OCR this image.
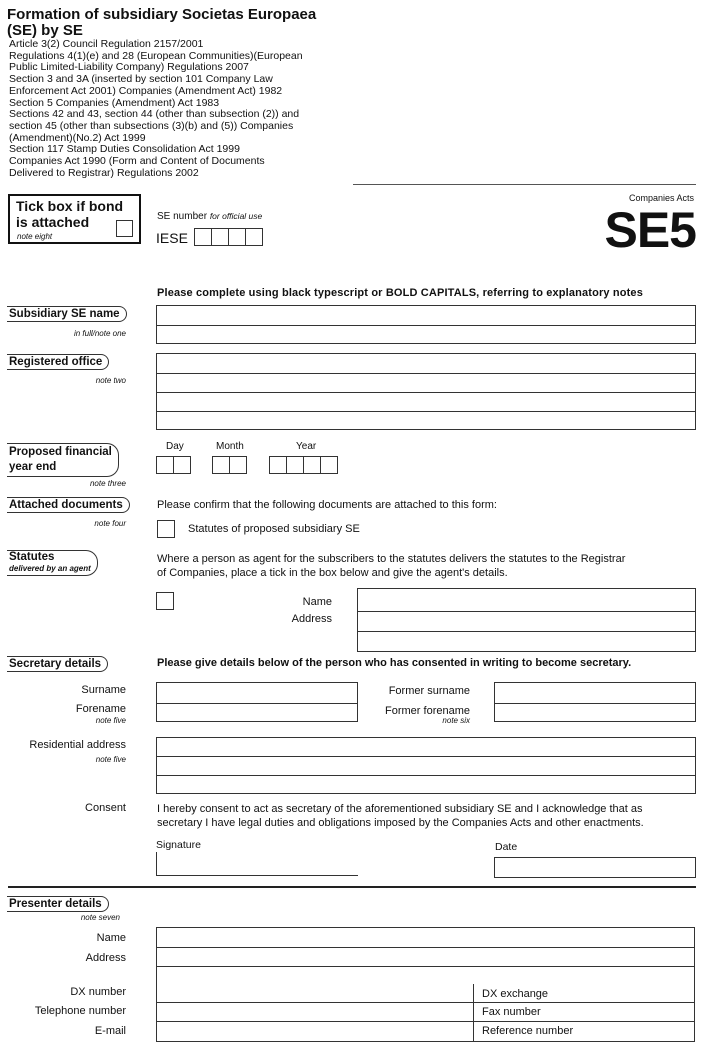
Formation of subsidiary Societas Europaea
(SE) by SE
Article 3(2) Council Regulation 2157/2001
Regulations 4(1)(e) and 28 (European Communities)(European
Public Limited-Liability Company) Regulations 2007
Section 3 and 3A (inserted by section 101 Company Law
Enforcement Act 2001) Companies (Amendment Act) 1982
Section 5 Companies (Amendment) Act 1983
Sections 42 and 43, section 44 (other than subsection (2)) and
section 45 (other than subsections (3)(b) and (5)) Companies
(Amendment)(No.2) Act 1999
Section 117 Stamp Duties Consolidation Act 1999
Companies Act 1990 (Form and Content of Documents
Delivered to Registrar) Regulations 2002
Companies Acts
SE5
Tick box if bond
is attached
note eight
SE number for official use
IESE
Please complete using black typescript or BOLD CAPITALS, referring to explanatory notes
Subsidiary SE name
in full/note one
Registered office
note two
Proposed financial
year end
note three
Day	Month	Year
Attached documents
note four
Please confirm that the following documents are attached to this form:
Statutes of proposed subsidiary SE
Statutes
delivered by an agent
Where a person as agent for the subscribers to the statutes delivers the statutes to the Registrar
of Companies, place a tick in the box below and give the agent's details.
Name
Address
Secretary details	Please give details below of the person who has consented in writing to become secretary.
Surname
Forename
note five
Former surname
Former forename
note six
Residential address
note five
Consent	I hereby consent to act as secretary of the aforementioned subsidiary SE and I acknowledge that as
secretary I have legal duties and obligations imposed by the Companies Acts and other enactments.
Signature	Date
Presenter details
note seven
Name
Address
DX number
Telephone number
E-mail
DX exchange
Fax number
Reference number
